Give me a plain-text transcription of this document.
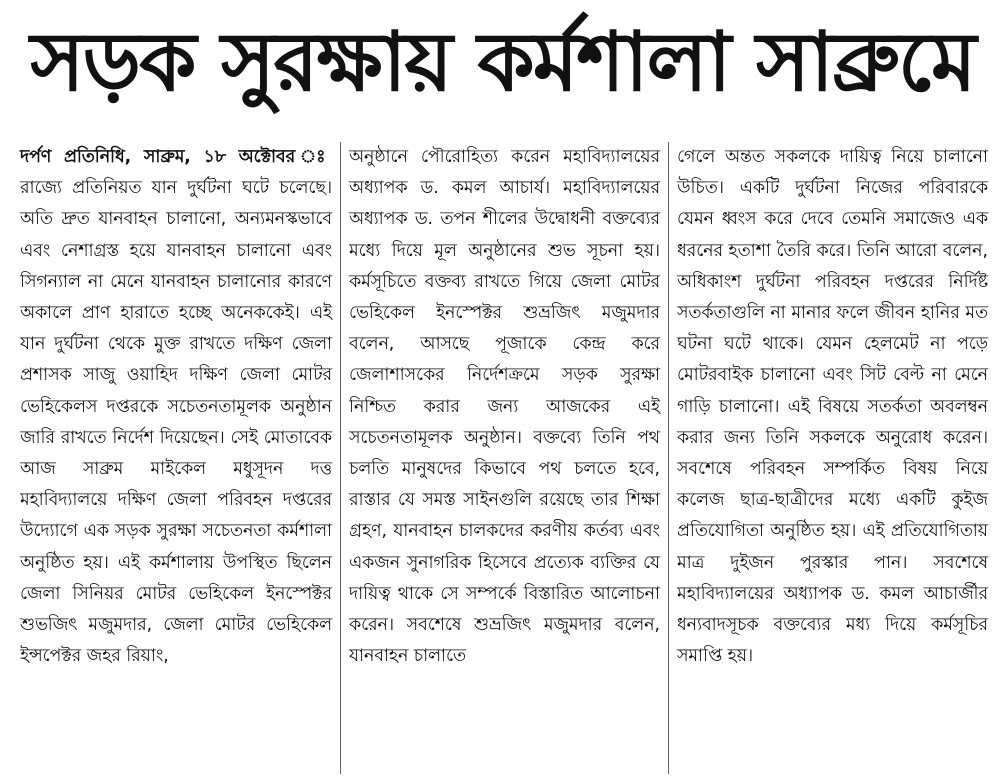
সড়ক সুরক্ষায় কর্মশালা সাব্রুমে

দর্পণ প্রতিনিধি, সাব্রুম, ১৮ অক্টোবর ঃ রাজ্যে প্রতিনিয়ত যান দুর্ঘটনা ঘটে চলেছে। অতি দ্রুত যানবাহন চালানো, অন্যমনস্কভাবে এবং নেশাগ্রস্ত হয়ে যানবাহন চালানো এবং সিগন্যাল না মেনে যানবাহন চালানোর কারণে অকালে প্রাণ হারাতে হচ্ছে অনেককেই। এই যান দুর্ঘটনা থেকে মুক্ত রাখতে দক্ষিণ জেলা প্রশাসক সাজু ওয়াহিদ দক্ষিণ জেলা মোটর ভেহিকেলস দপ্তরকে সচেতনতামূলক অনুষ্ঠান জারি রাখতে নির্দেশ দিয়েছেন। সেই মোতাবেক আজ সাব্রুম মাইকেল মধুসূদন দত্ত মহাবিদ্যালয়ে দক্ষিণ জেলা পরিবহন দপ্তরের উদ্যোগে এক সড়ক সুরক্ষা সচেতনতা কর্মশালা অনুষ্ঠিত হয়। এই কর্মশালায় উপস্থিত ছিলেন জেলা সিনিয়র মোটর ভেহিকেল ইনস্পেক্টর শুভজিৎ মজুমদার, জেলা মোটর ভেহিকেল ইন্সপেক্টর জহর রিয়াং,

অনুষ্ঠানে পৌরোহিত্য করেন মহাবিদ্যালয়ের অধ্যাপক ড. কমল আচার্য। মহাবিদ্যালয়ের অধ্যাপক ড. তপন শীলের উদ্বোধনী বক্তব্যের মধ্যে দিয়ে মূল অনুষ্ঠানের শুভ সূচনা হয়। কর্মসূচিতে বক্তব্য রাখতে গিয়ে জেলা মোটর ভেহিকেল ইনস্পেক্টর শুভ্রজিৎ মজুমদার বলেন, আসছে পূজাকে কেন্দ্র করে জেলাশাসকের নির্দেশক্রমে সড়ক সুরক্ষা নিশ্চিত করার জন্য আজকের এই সচেতনতামূলক অনুষ্ঠান। বক্তব্যে তিনি পথ চলতি মানুষদের কিভাবে পথ চলতে হবে, রাস্তার যে সমস্ত সাইনগুলি রয়েছে তার শিক্ষা গ্রহণ, যানবাহন চালকদের করণীয় কর্তব্য এবং একজন সুনাগরিক হিসেবে প্রত্যেক ব্যক্তির যে দায়িত্ব থাকে সে সম্পর্কে বিস্তারিত আলোচনা করেন। সবশেষে শুভ্রজিৎ মজুমদার বলেন, যানবাহন চালাতে

গেলে অন্তত সকলকে দায়িত্ব নিয়ে চালানো উচিত। একটি দুর্ঘটনা নিজের পরিবারকে যেমন ধ্বংস করে দেবে তেমনি সমাজেও এক ধরনের হতাশা তৈরি করে। তিনি আরো বলেন, অধিকাংশ দুর্ঘটনা পরিবহন দপ্তরের নির্দিষ্ট সতর্কতাগুলি না মানার ফলে জীবন হানির মত ঘটনা ঘটে থাকে। যেমন হেলমেট না পড়ে মোটরবাইক চালানো এবং সিট বেল্ট না মেনে গাড়ি চালানো। এই বিষয়ে সতর্কতা অবলম্বন করার জন্য তিনি সকলকে অনুরোধ করেন। সবশেষে পরিবহন সম্পর্কিত বিষয় নিয়ে কলেজ ছাত্র-ছাত্রীদের মধ্যে একটি কুইজ প্রতিযোগিতা অনুষ্ঠিত হয়। এই প্রতিযোগিতায় মাত্র দুইজন পুরস্কার পান। সবশেষে মহাবিদ্যালয়ের অধ্যাপক ড. কমল আচার্জীর ধন্যবাদসূচক বক্তব্যের মধ্য দিয়ে কর্মসূচির সমাপ্তি হয়।
